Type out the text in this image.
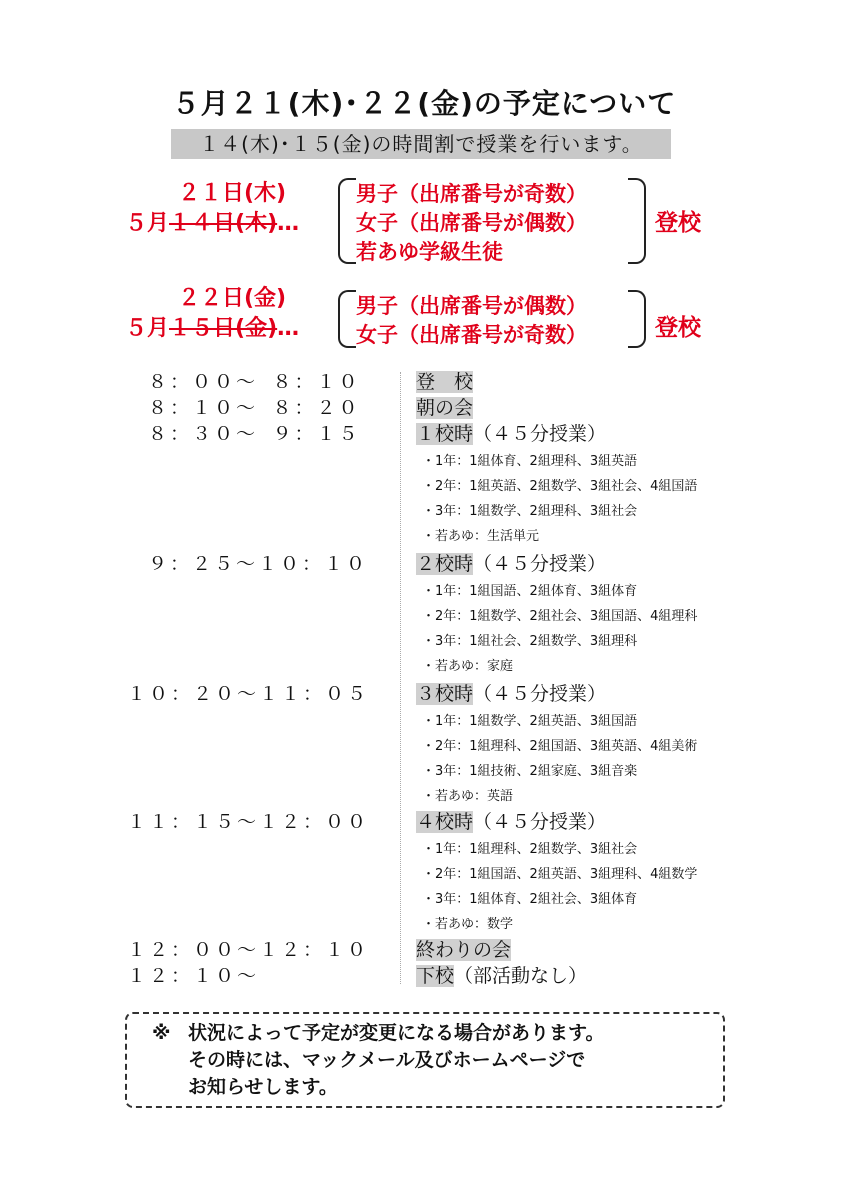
５月２１(木)･２２(金)の予定について
１４(木)･１５(金)の時間割で授業を行います。
２１日(木)
５月１４日(木)…
男子（出席番号が奇数）
女子（出席番号が偶数）
若あゆ学級生徒
登校
２２日(金)
５月１５日(金)…
男子（出席番号が偶数）
女子（出席番号が奇数）	登校
８：００～ ８：１０	登　校
８：１０～ ８：２０	朝の会
８：３０～ ９：１５	１校時（４５分授業）
・1年：1組体育、2組理科、3組英語
・2年：1組英語、2組数学、3組社会、4組国語
・3年：1組数学、2組理科、3組社会
・若あゆ：生活単元
９：２５～１０：１０	２校時（４５分授業）
・1年：1組国語、2組体育、3組体育
・2年：1組数学、2組社会、3組国語、4組理科
・3年：1組社会、2組数学、3組理科
・若あゆ：家庭
１０：２０～１１：０５ ３校時（４５分授業）
・1年：1組数学、2組英語、3組国語
・2年：1組理科、2組国語、3組英語、4組美術
・3年：1組技術、2組家庭、3組音楽
・若あゆ：英語
１１：１５～１２：００ ４校時（４５分授業）
・1年：1組理科、2組数学、3組社会
・2年：1組国語、2組英語、3組理科、4組数学
・3年：1組体育、2組社会、3組体育
・若あゆ：数学
１２：００～１２：１０ 終わりの会
１２：１０～	下校（部活動なし）
※ 状況によって予定が変更になる場合があります。
その時には、マックメール及びホームページで
お知らせします。
